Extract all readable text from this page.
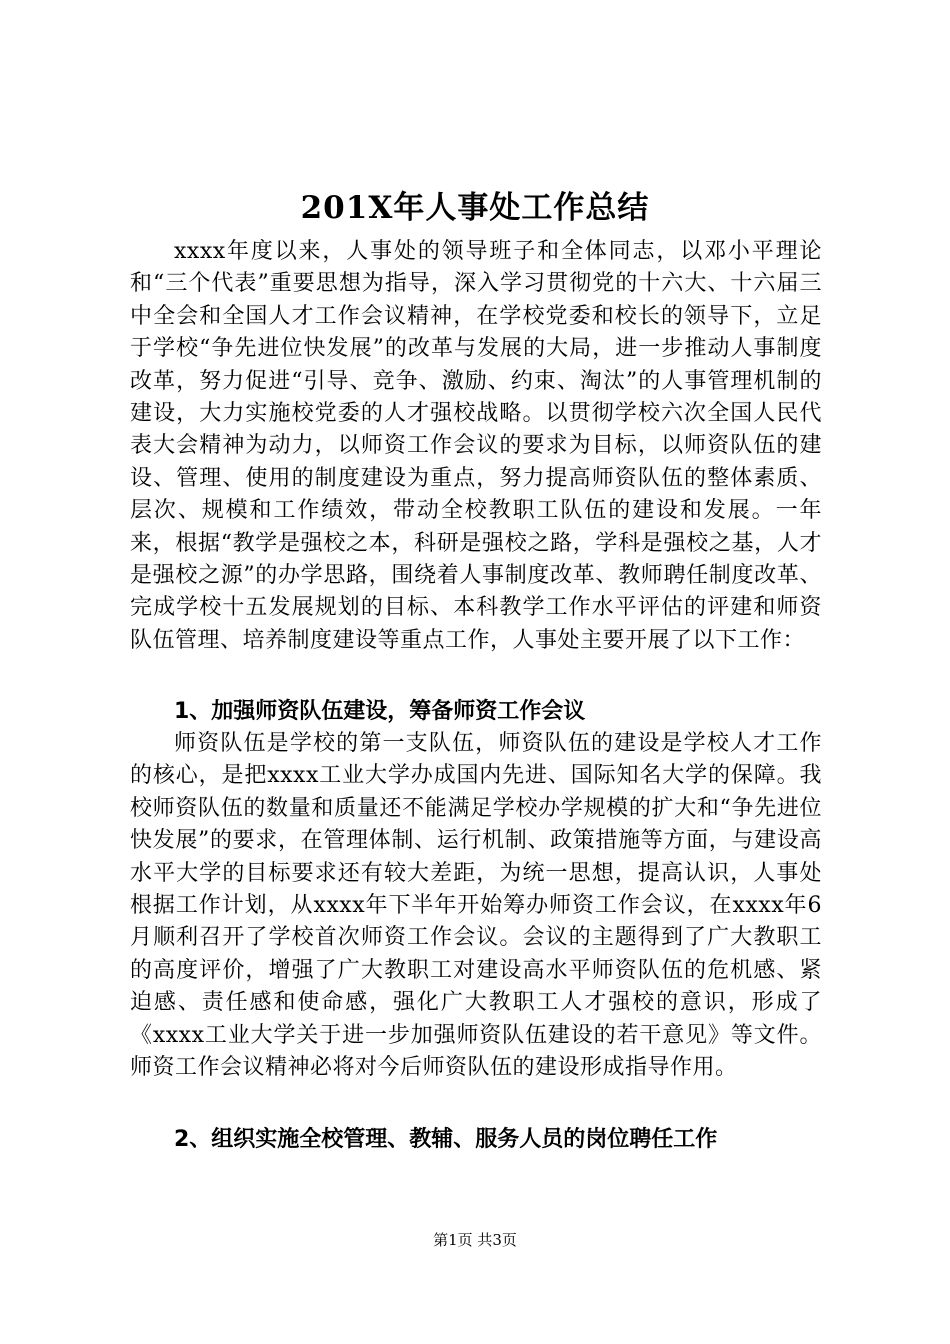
201X年人事处工作总结

xxxx年度以来，人事处的领导班子和全体同志，以邓小平理论和“三个代表”重要思想为指导，深入学习贯彻党的十六大、十六届三中全会和全国人才工作会议精神，在学校党委和校长的领导下，立足于学校“争先进位快发展”的改革与发展的大局，进一步推动人事制度改革，努力促进“引导、竞争、激励、约束、淘汰”的人事管理机制的建设，大力实施校党委的人才强校战略。以贯彻学校六次全国人民代表大会精神为动力，以师资工作会议的要求为目标，以师资队伍的建设、管理、使用的制度建设为重点，努力提高师资队伍的整体素质、层次、规模和工作绩效，带动全校教职工队伍的建设和发展。一年来，根据“教学是强校之本，科研是强校之路，学科是强校之基，人才是强校之源”的办学思路，围绕着人事制度改革、教师聘任制度改革、完成学校十五发展规划的目标、本科教学工作水平评估的评建和师资队伍管理、培养制度建设等重点工作，人事处主要开展了以下工作：

1、加强师资队伍建设，筹备师资工作会议

师资队伍是学校的第一支队伍，师资队伍的建设是学校人才工作的核心，是把xxxx工业大学办成国内先进、国际知名大学的保障。我校师资队伍的数量和质量还不能满足学校办学规模的扩大和“争先进位快发展”的要求，在管理体制、运行机制、政策措施等方面，与建设高水平大学的目标要求还有较大差距，为统一思想，提高认识，人事处根据工作计划，从xxxx年下半年开始筹办师资工作会议，在xxxx年6月顺利召开了学校首次师资工作会议。会议的主题得到了广大教职工的高度评价，增强了广大教职工对建设高水平师资队伍的危机感、紧迫感、责任感和使命感，强化广大教职工人才强校的意识，形成了《xxxx工业大学关于进一步加强师资队伍建设的若干意见》等文件。师资工作会议精神必将对今后师资队伍的建设形成指导作用。

2、组织实施全校管理、教辅、服务人员的岗位聘任工作

第1页 共3页
